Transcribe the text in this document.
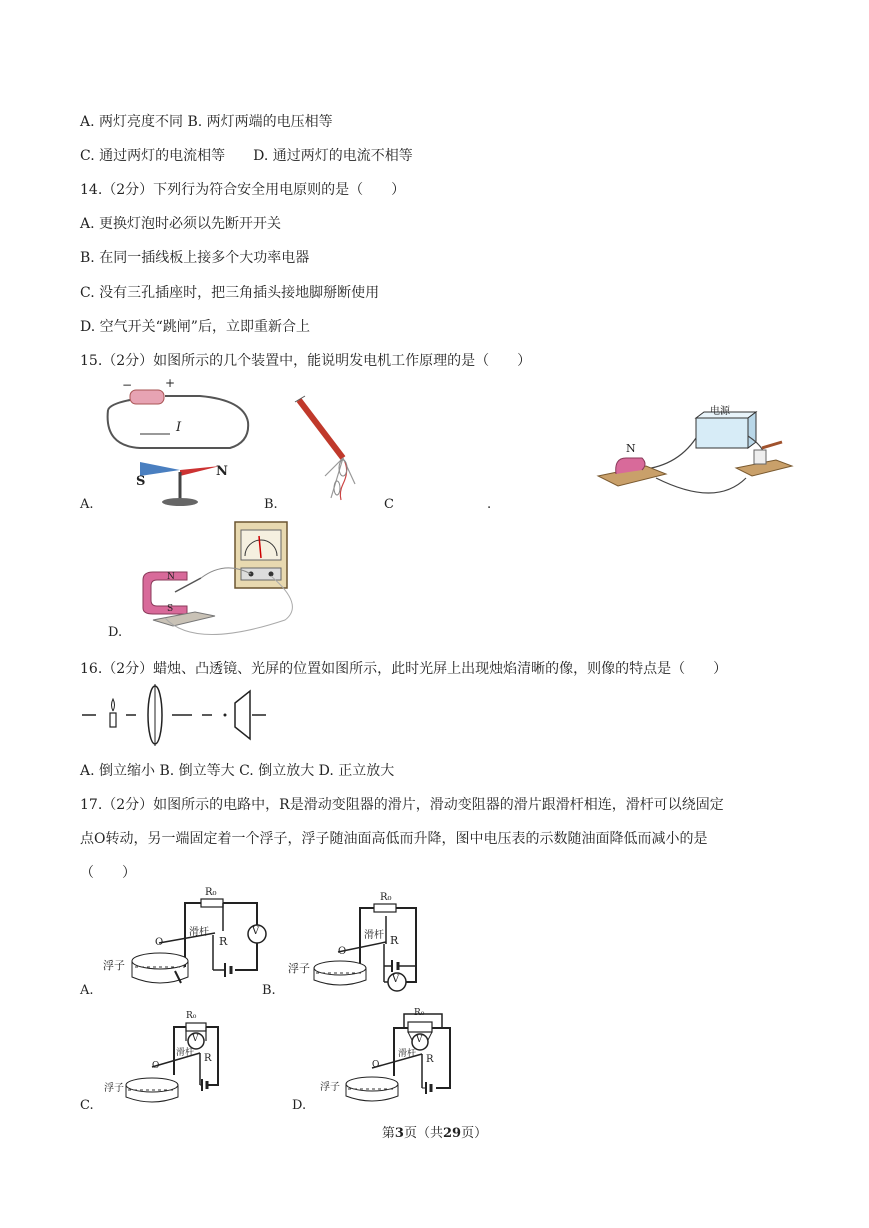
A. 两灯亮度不同 B. 两灯两端的电压相等
C. 通过两灯的电流相等　　D. 通过两灯的电流不相等
14.（2分）下列行为符合安全用电原则的是（　　）
A. 更换灯泡时必须以先断开开关
B. 在同一插线板上接多个大功率电器
C. 没有三孔插座时，把三角插头接地脚掰断使用
D. 空气开关“跳闸”后，立即重新合上
15.（2分）如图所示的几个装置中，能说明发电机工作原理的是（　　）
−	+
I
S
N
A.	B.	C	.
电源
N
N
S
D.
16.（2分）蜡烛、凸透镜、光屏的位置如图所示，此时光屏上出现烛焰清晰的像，则像的特点是（　　）
A. 倒立缩小 B. 倒立等大 C. 倒立放大 D. 正立放大
17.（2分）如图所示的电路中，R是滑动变阻器的滑片，滑动变阻器的滑片跟滑杆相连，滑杆可以绕固定
点O转动，另一端固定着一个浮子，浮子随油面高低而升降，图中电压表的示数随油面降低而减小的是
（　　）
R₀
V
R
滑杆
O
浮子
A.
R₀
V
R
滑杆
O
浮子
B.
R₀
V
R
滑杆
O
浮子
C.
R₀
V
R
滑杆
O
浮子
D.
第3页（共29页）
